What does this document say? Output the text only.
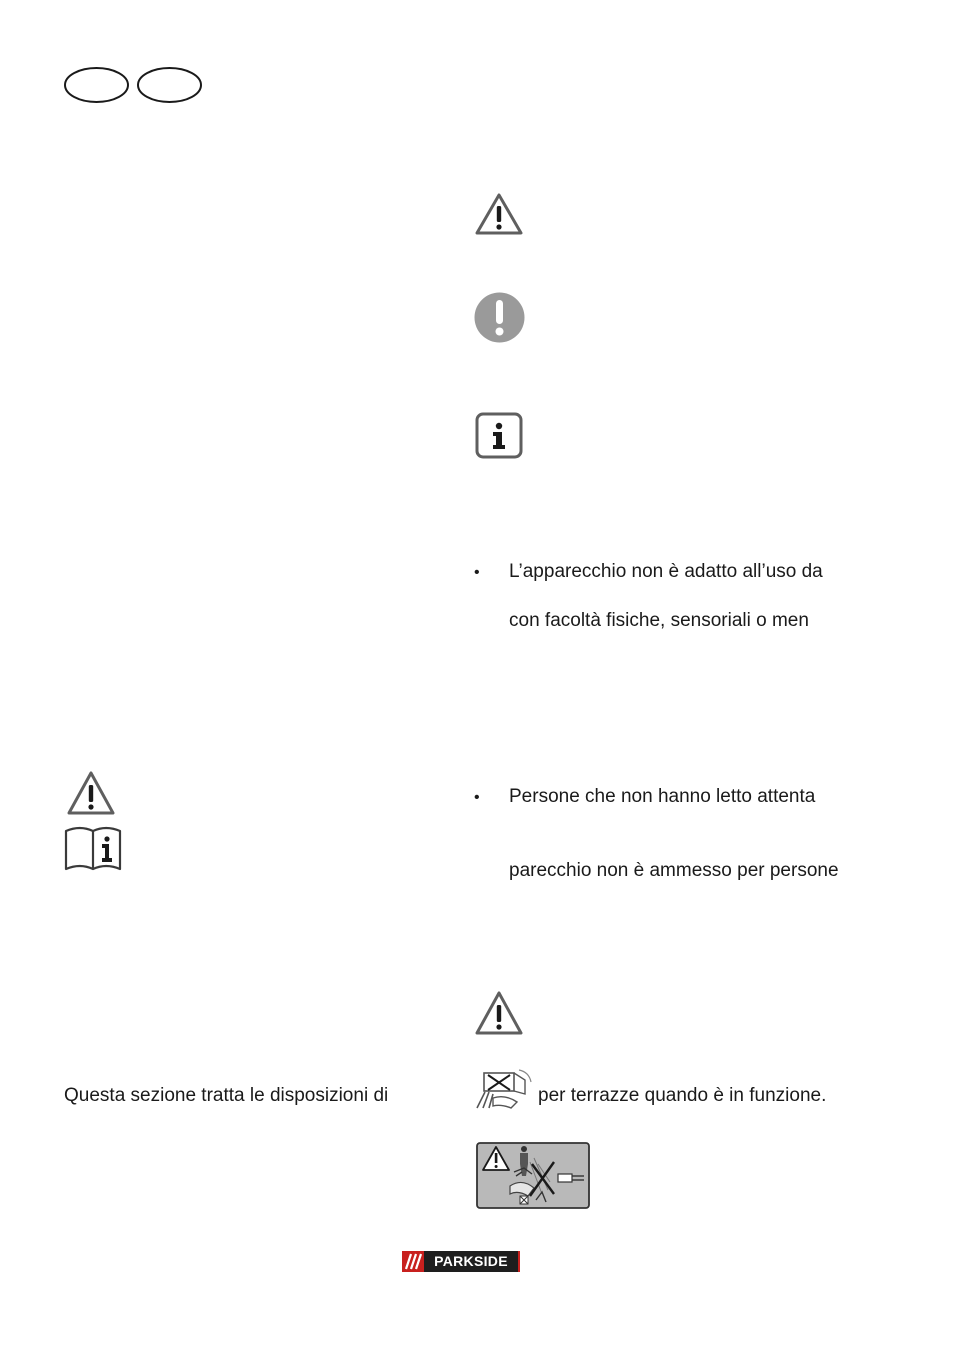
• L’apparecchio non è adatto all’uso da
con facoltà fisiche, sensoriali o men
• Persone che non hanno letto attenta
parecchio non è ammesso per persone
Questa sezione tratta le disposizioni di	per terrazze quando è in funzione.
PARKSIDE
